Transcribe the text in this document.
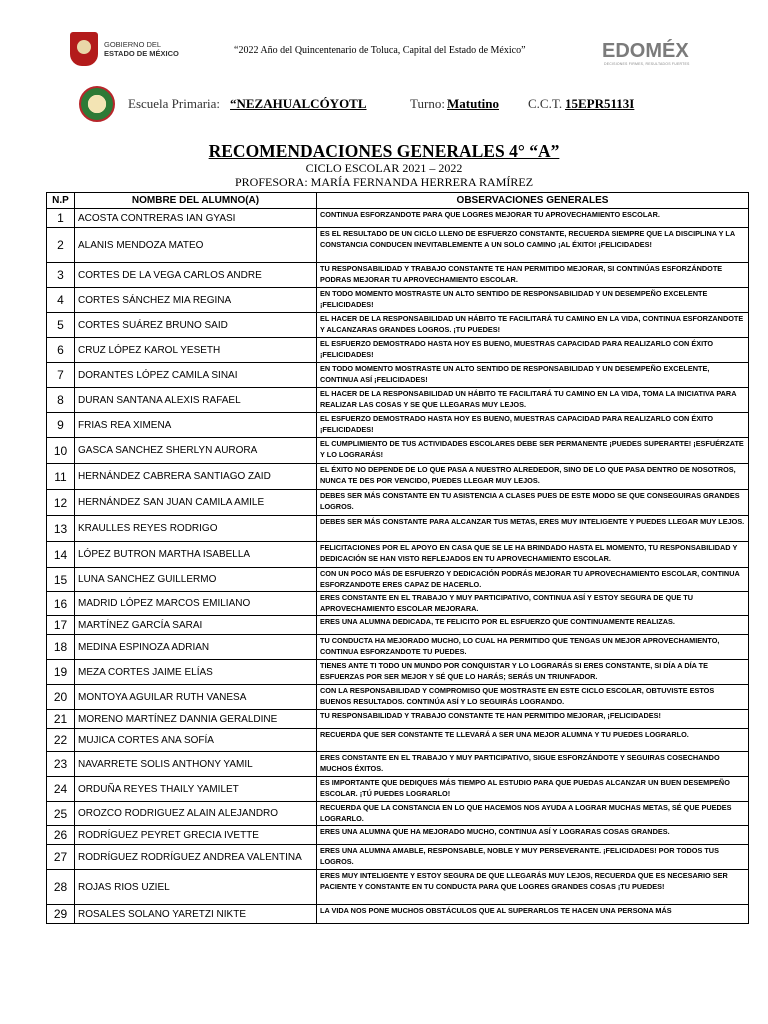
GOBIERNO DEL
ESTADO DE MÉXICO	“2022 Año del Quincentenario de Toluca, Capital del Estado de México”	EDOMÉX
DECISIONES FIRMES, RESULTADOS FUERTES
Escuela Primaria: “NEZAHUALCÓYOTL	Turno: Matutino C.C.T. 15EPR5113I
RECOMENDACIONES GENERALES 4° “A”
CICLO ESCOLAR 2021 – 2022
PROFESORA: MARÍA FERNANDA HERRERA RAMÍREZ
N.P	NOMBRE DEL ALUMNO(A)	OBSERVACIONES GENERALES
1	ACOSTA CONTRERAS IAN GYASI	CONTINUA ESFORZANDOTE PARA QUE LOGRES MEJORAR TU APROVECHAMIENTO ESCOLAR.
2	ALANIS MENDOZA MATEO	ES EL RESULTADO DE UN CICLO LLENO DE ESFUERZO CONSTANTE, RECUERDA SIEMPRE QUE LA DISCIPLINA Y LA CONSTANCIA CONDUCEN INEVITABLEMENTE A UN SOLO CAMINO ¡AL ÉXITO! ¡FELICIDADES!
3	CORTES DE LA VEGA CARLOS ANDRE	TU RESPONSABILIDAD Y TRABAJO CONSTANTE TE HAN PERMITIDO MEJORAR, SI CONTINÚAS ESFORZÁNDOTE PODRAS MEJORAR TU APROVECHAMIENTO ESCOLAR.
4	CORTES SÁNCHEZ MIA REGINA	EN TODO MOMENTO MOSTRASTE UN ALTO SENTIDO DE RESPONSABILIDAD Y UN DESEMPEÑO EXCELENTE ¡FELICIDADES!
5	CORTES SUÁREZ BRUNO SAID	EL HACER DE LA RESPONSABILIDAD UN HÁBITO TE FACILITARÁ TU CAMINO EN LA VIDA, CONTINUA ESFORZANDOTE Y ALCANZARAS GRANDES LOGROS. ¡TU PUEDES!
6	CRUZ LÓPEZ KAROL YESETH	EL ESFUERZO DEMOSTRADO HASTA HOY ES BUENO, MUESTRAS CAPACIDAD PARA REALIZARLO CON ÉXITO ¡FELICIDADES!
7	DORANTES LÓPEZ CAMILA SINAI	EN TODO MOMENTO MOSTRASTE UN ALTO SENTIDO DE RESPONSABILIDAD Y UN DESEMPEÑO EXCELENTE, CONTINUA ASÍ ¡FELICIDADES!
8	DURAN SANTANA ALEXIS RAFAEL	EL HACER DE LA RESPONSABILIDAD UN HÁBITO TE FACILITARÁ TU CAMINO EN LA VIDA, TOMA LA INICIATIVA PARA REALIZAR LAS COSAS Y SE QUE LLEGARAS MUY LEJOS.
9	FRIAS REA XIMENA	EL ESFUERZO DEMOSTRADO HASTA HOY ES BUENO, MUESTRAS CAPACIDAD PARA REALIZARLO CON ÉXITO ¡FELICIDADES!
10	GASCA SANCHEZ SHERLYN AURORA	EL CUMPLIMIENTO DE TUS ACTIVIDADES ESCOLARES DEBE SER PERMANENTE ¡PUEDES SUPERARTE! ¡ESFUÉRZATE Y LO LOGRARÁS!
11	HERNÁNDEZ CABRERA SANTIAGO ZAID	EL ÉXITO NO DEPENDE DE LO QUE PASA A NUESTRO ALREDEDOR, SINO DE LO QUE PASA DENTRO DE NOSOTROS, NUNCA TE DES POR VENCIDO, PUEDES LLEGAR MUY LEJOS.
12	HERNÁNDEZ SAN JUAN CAMILA AMILE	DEBES SER MÁS CONSTANTE EN TU ASISTENCIA A CLASES PUES DE ESTE MODO SE QUE CONSEGUIRAS GRANDES LOGROS.
13	KRAULLES REYES RODRIGO	DEBES SER MÁS CONSTANTE PARA ALCANZAR TUS METAS, ERES MUY INTELIGENTE Y PUEDES LLEGAR MUY LEJOS.
14	LÓPEZ BUTRON MARTHA ISABELLA	FELICITACIONES POR EL APOYO EN CASA QUE SE LE HA BRINDADO HASTA EL MOMENTO, TU RESPONSABILIDAD Y DEDICACIÓN SE HAN VISTO REFLEJADOS EN TU APROVECHAMIENTO ESCOLAR.
15	LUNA SANCHEZ GUILLERMO	CON UN POCO MÁS DE ESFUERZO Y DEDICACIÓN PODRÁS MEJORAR TU APROVECHAMIENTO ESCOLAR, CONTINUA ESFORZANDOTE ERES CAPAZ DE HACERLO.
16	MADRID LÓPEZ MARCOS EMILIANO	ERES CONSTANTE EN EL TRABAJO Y MUY PARTICIPATIVO, CONTINUA ASÍ Y ESTOY SEGURA DE QUE TU APROVECHAMIENTO ESCOLAR MEJORARA.
17	MARTÍNEZ GARCÍA SARAI	ERES UNA ALUMNA DEDICADA, TE FELICITO POR EL ESFUERZO QUE CONTINUAMENTE REALIZAS.
18	MEDINA ESPINOZA ADRIAN	TU CONDUCTA HA MEJORADO MUCHO, LO CUAL HA PERMITIDO QUE TENGAS UN MEJOR APROVECHAMIENTO, CONTINUA ESFORZANDOTE TU PUEDES.
19	MEZA CORTES JAIME ELÍAS	TIENES ANTE TI TODO UN MUNDO POR CONQUISTAR Y LO LOGRARÁS SI ERES CONSTANTE, SI DÍA A DÍA TE ESFUERZAS POR SER MEJOR Y SÉ QUE LO HARÁS; SERÁS UN TRIUNFADOR.
20	MONTOYA AGUILAR RUTH VANESA	CON LA RESPONSABILIDAD Y COMPROMISO QUE MOSTRASTE EN ESTE CICLO ESCOLAR, OBTUVISTE ESTOS BUENOS RESULTADOS. CONTINÚA ASÍ Y LO SEGUIRÁS LOGRANDO.
21	MORENO MARTÍNEZ DANNIA GERALDINE	TU RESPONSABILIDAD Y TRABAJO CONSTANTE TE HAN PERMITIDO MEJORAR, ¡FELICIDADES!
22	MUJICA CORTES ANA SOFÍA	RECUERDA QUE SER CONSTANTE TE LLEVARÁ A SER UNA MEJOR ALUMNA Y TU PUEDES LOGRARLO.
23	NAVARRETE SOLIS ANTHONY YAMIL	ERES CONSTANTE EN EL TRABAJO Y MUY PARTICIPATIVO, SIGUE ESFORZÁNDOTE Y SEGUIRAS COSECHANDO MUCHOS ÉXITOS.
24	ORDUÑA REYES THAILY YAMILET	ES IMPORTANTE QUE DEDIQUES MÁS TIEMPO AL ESTUDIO PARA QUE PUEDAS ALCANZAR UN BUEN DESEMPEÑO ESCOLAR. ¡TÚ PUEDES LOGRARLO!
25	OROZCO RODRIGUEZ ALAIN ALEJANDRO	RECUERDA QUE LA CONSTANCIA EN LO QUE HACEMOS NOS AYUDA A LOGRAR MUCHAS METAS, SÉ QUE PUEDES LOGRARLO.
26	RODRÍGUEZ PEYRET GRECIA IVETTE	ERES UNA ALUMNA QUE HA MEJORADO MUCHO, CONTINUA ASÍ Y LOGRARAS COSAS GRANDES.
27	RODRÍGUEZ RODRÍGUEZ ANDREA VALENTINA	ERES UNA ALUMNA AMABLE, RESPONSABLE, NOBLE Y MUY PERSEVERANTE. ¡FELICIDADES! POR TODOS TUS LOGROS.
28	ROJAS RIOS UZIEL	ERES MUY INTELIGENTE Y ESTOY SEGURA DE QUE LLEGARÁS MUY LEJOS, RECUERDA QUE ES NECESARIO SER PACIENTE Y CONSTANTE EN TU CONDUCTA PARA QUE LOGRES GRANDES COSAS ¡TU PUEDES!
29	ROSALES SOLANO YARETZI NIKTE	LA VIDA NOS PONE MUCHOS OBSTÁCULOS QUE AL SUPERARLOS TE HACEN UNA PERSONA MÁS
